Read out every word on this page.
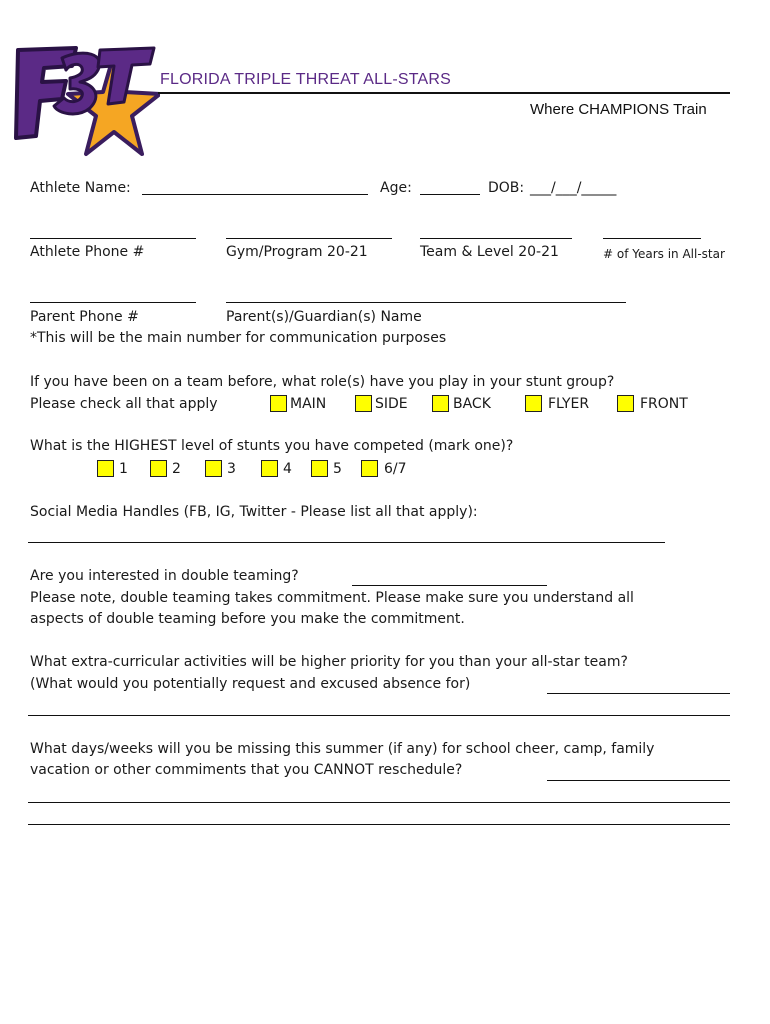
FLORIDA TRIPLE THREAT ALL-STARS
Where CHAMPIONS Train
Athlete Name:	Age:	DOB: ___/___/_____
Athlete Phone #	Gym/Program 20-21	Team & Level 20-21	# of Years in All-star
Parent Phone #	Parent(s)/Guardian(s) Name
*This will be the main number for communication purposes
If you have been on a team before, what role(s) have you play in your stunt group?
Please check all that apply	MAIN	SIDE	BACK	FLYER	FRONT
What is the HIGHEST level of stunts you have competed (mark one)?
1	2	3	4	5	6/7
Social Media Handles (FB, IG, Twitter - Please list all that apply):
Are you interested in double teaming?
Please note, double teaming takes commitment. Please make sure you understand all
aspects of double teaming before you make the commitment.
What extra-curricular activities will be higher priority for you than your all-star team?
(What would you potentially request and excused absence for)
What days/weeks will you be missing this summer (if any) for school cheer, camp, family
vacation or other commiments that you CANNOT reschedule?
